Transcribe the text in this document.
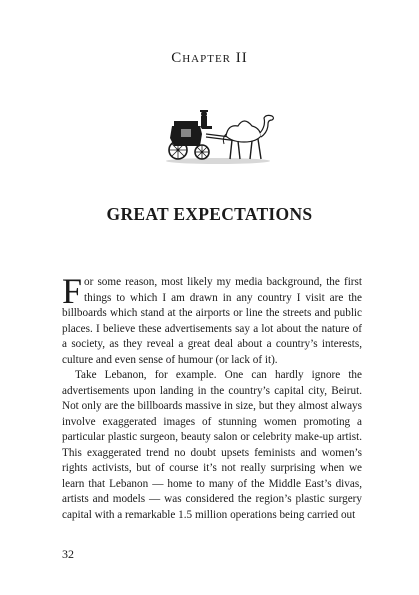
Chapter II
GREAT EXPECTATIONS

For some reason, most likely my media background, the first things to which I am drawn in any country I visit are the billboards which stand at the airports or line the streets and public places. I believe these advertisements say a lot about the nature of a society, as they reveal a great deal about a country’s interests, culture and even sense of humour (or lack of it).

Take Lebanon, for example. One can hardly ignore the advertisements upon landing in the country’s capital city, Beirut. Not only are the billboards massive in size, but they almost always involve exaggerated images of stunning women promoting a particular plastic surgeon, beauty salon or celebrity make-up artist. This exaggerated trend no doubt upsets feminists and women’s rights activists, but of course it’s not really surprising when we learn that Lebanon — home to many of the Middle East’s divas, artists and models — was considered the region’s plastic surgery capital with a remarkable 1.5 million operations being carried out

32
